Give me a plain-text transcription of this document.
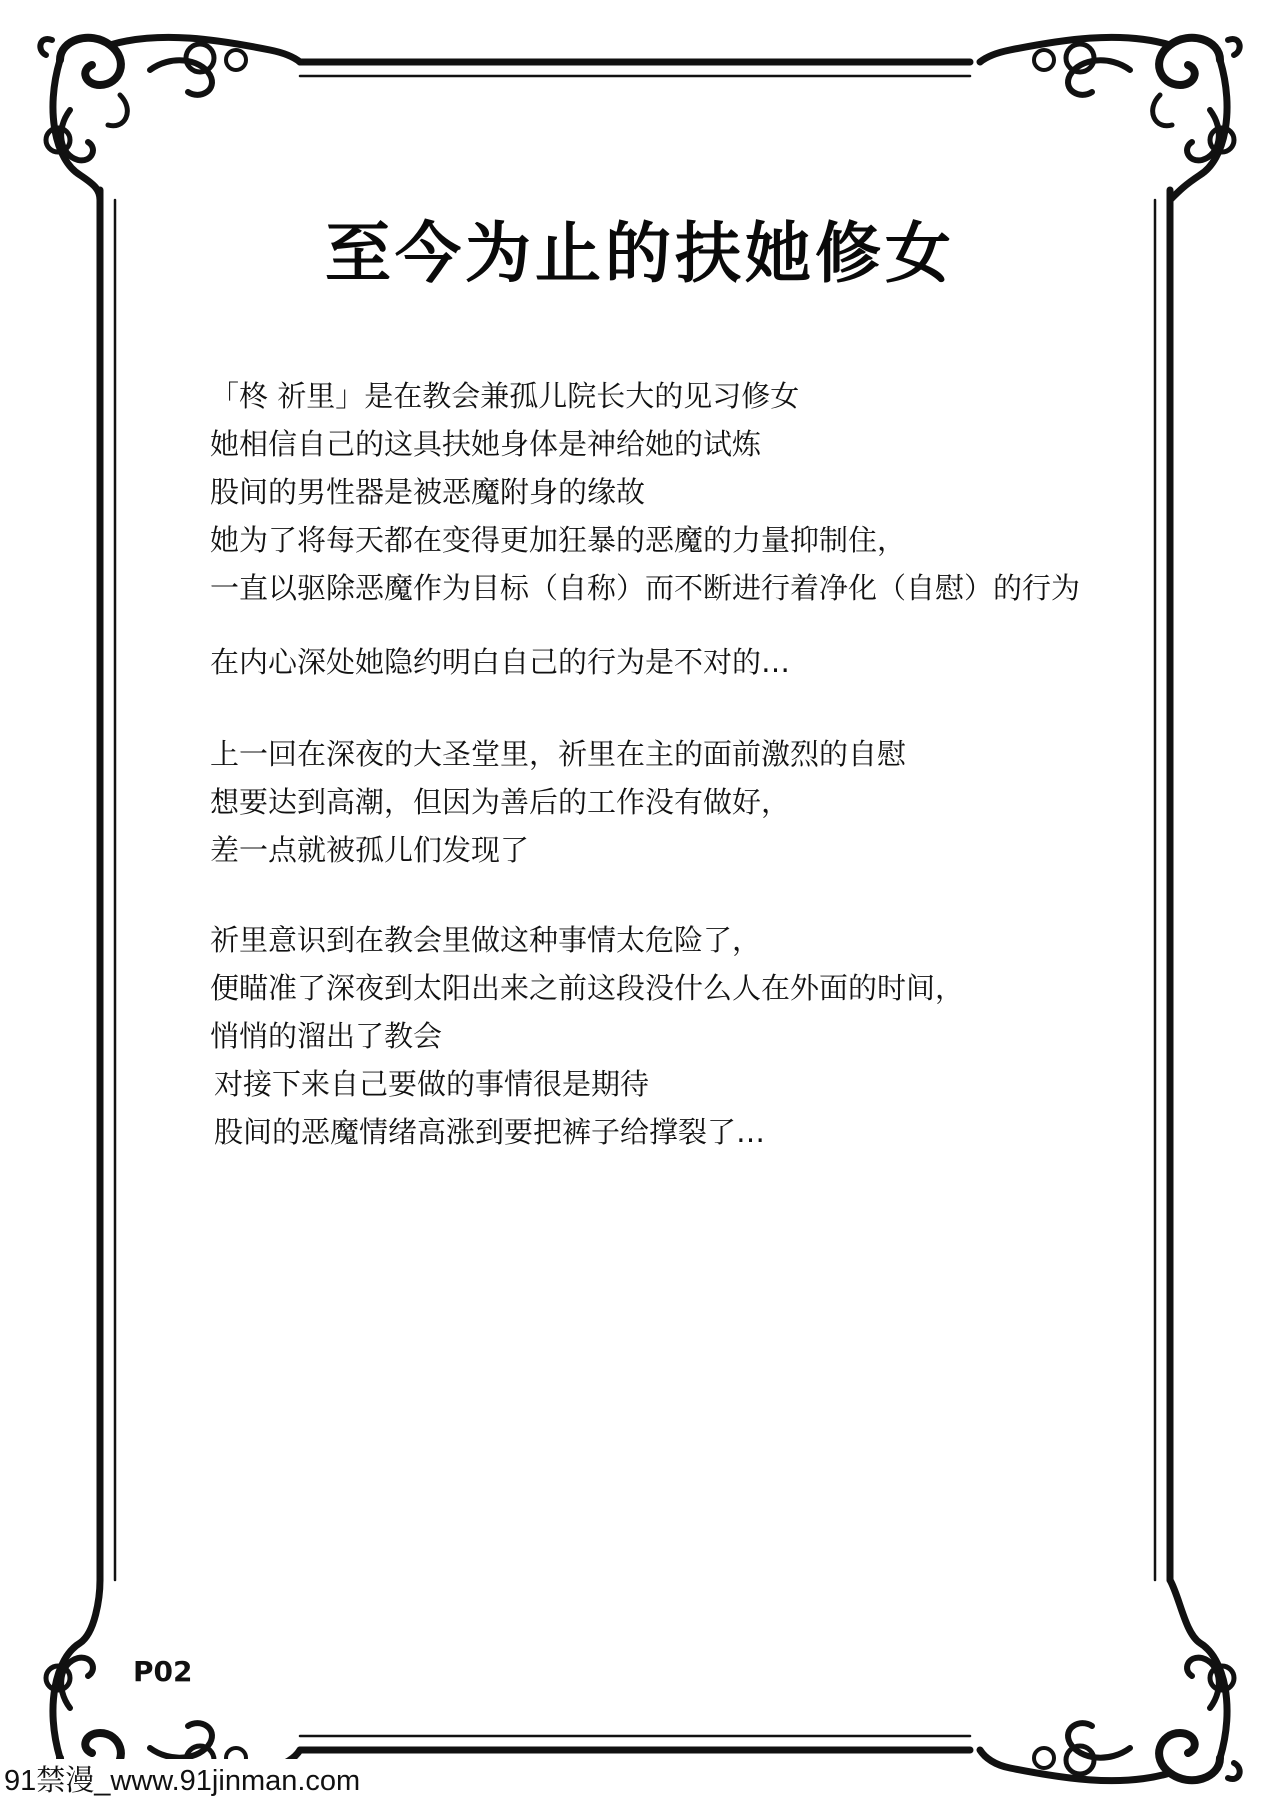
至今为止的扶她修女
「柊 祈里」是在教会兼孤儿院长大的见习修女
她相信自己的这具扶她身体是神给她的试炼
股间的男性器是被恶魔附身的缘故
她为了将每天都在变得更加狂暴的恶魔的力量抑制住，
一直以驱除恶魔作为目标（自称）而不断进行着净化（自慰）的行为
在内心深处她隐约明白自己的行为是不对的…
上一回在深夜的大圣堂里，祈里在主的面前激烈的自慰
想要达到高潮，但因为善后的工作没有做好，
差一点就被孤儿们发现了
祈里意识到在教会里做这种事情太危险了，
便瞄准了深夜到太阳出来之前这段没什么人在外面的时间，
悄悄的溜出了教会
对接下来自己要做的事情很是期待
股间的恶魔情绪高涨到要把裤子给撑裂了…
P02
91禁漫_www.91jinman.com
